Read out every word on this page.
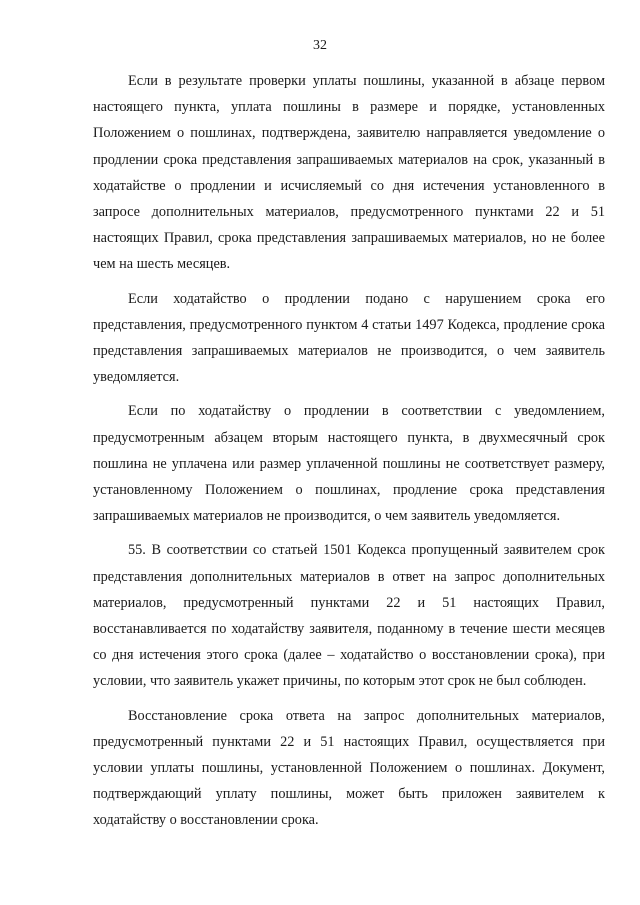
32

Если в результате проверки уплаты пошлины, указанной в абзаце первом настоящего пункта, уплата пошлины в размере и порядке, установленных Положением о пошлинах, подтверждена, заявителю направляется уведомление о продлении срока представления запрашиваемых материалов на срок, указанный в ходатайстве о продлении и исчисляемый со дня истечения установленного в запросе дополнительных материалов, предусмотренного пунктами 22 и 51 настоящих Правил, срока представления запрашиваемых материалов, но не более чем на шесть месяцев.

Если ходатайство о продлении подано с нарушением срока его представления, предусмотренного пунктом 4 статьи 1497 Кодекса, продление срока представления запрашиваемых материалов не производится, о чем заявитель уведомляется.

Если по ходатайству о продлении в соответствии с уведомлением, предусмотренным абзацем вторым настоящего пункта, в двухмесячный срок пошлина не уплачена или размер уплаченной пошлины не соответствует размеру, установленному Положением о пошлинах, продление срока представления запрашиваемых материалов не производится, о чем заявитель уведомляется.

55. В соответствии со статьей 1501 Кодекса пропущенный заявителем срок представления дополнительных материалов в ответ на запрос дополнительных материалов, предусмотренный пунктами 22 и 51 настоящих Правил, восстанавливается по ходатайству заявителя, поданному в течение шести месяцев со дня истечения этого срока (далее – ходатайство о восстановлении срока), при условии, что заявитель укажет причины, по которым этот срок не был соблюден.

Восстановление срока ответа на запрос дополнительных материалов, предусмотренный пунктами 22 и 51 настоящих Правил, осуществляется при условии уплаты пошлины, установленной Положением о пошлинах. Документ, подтверждающий уплату пошлины, может быть приложен заявителем к ходатайству о восстановлении срока.
